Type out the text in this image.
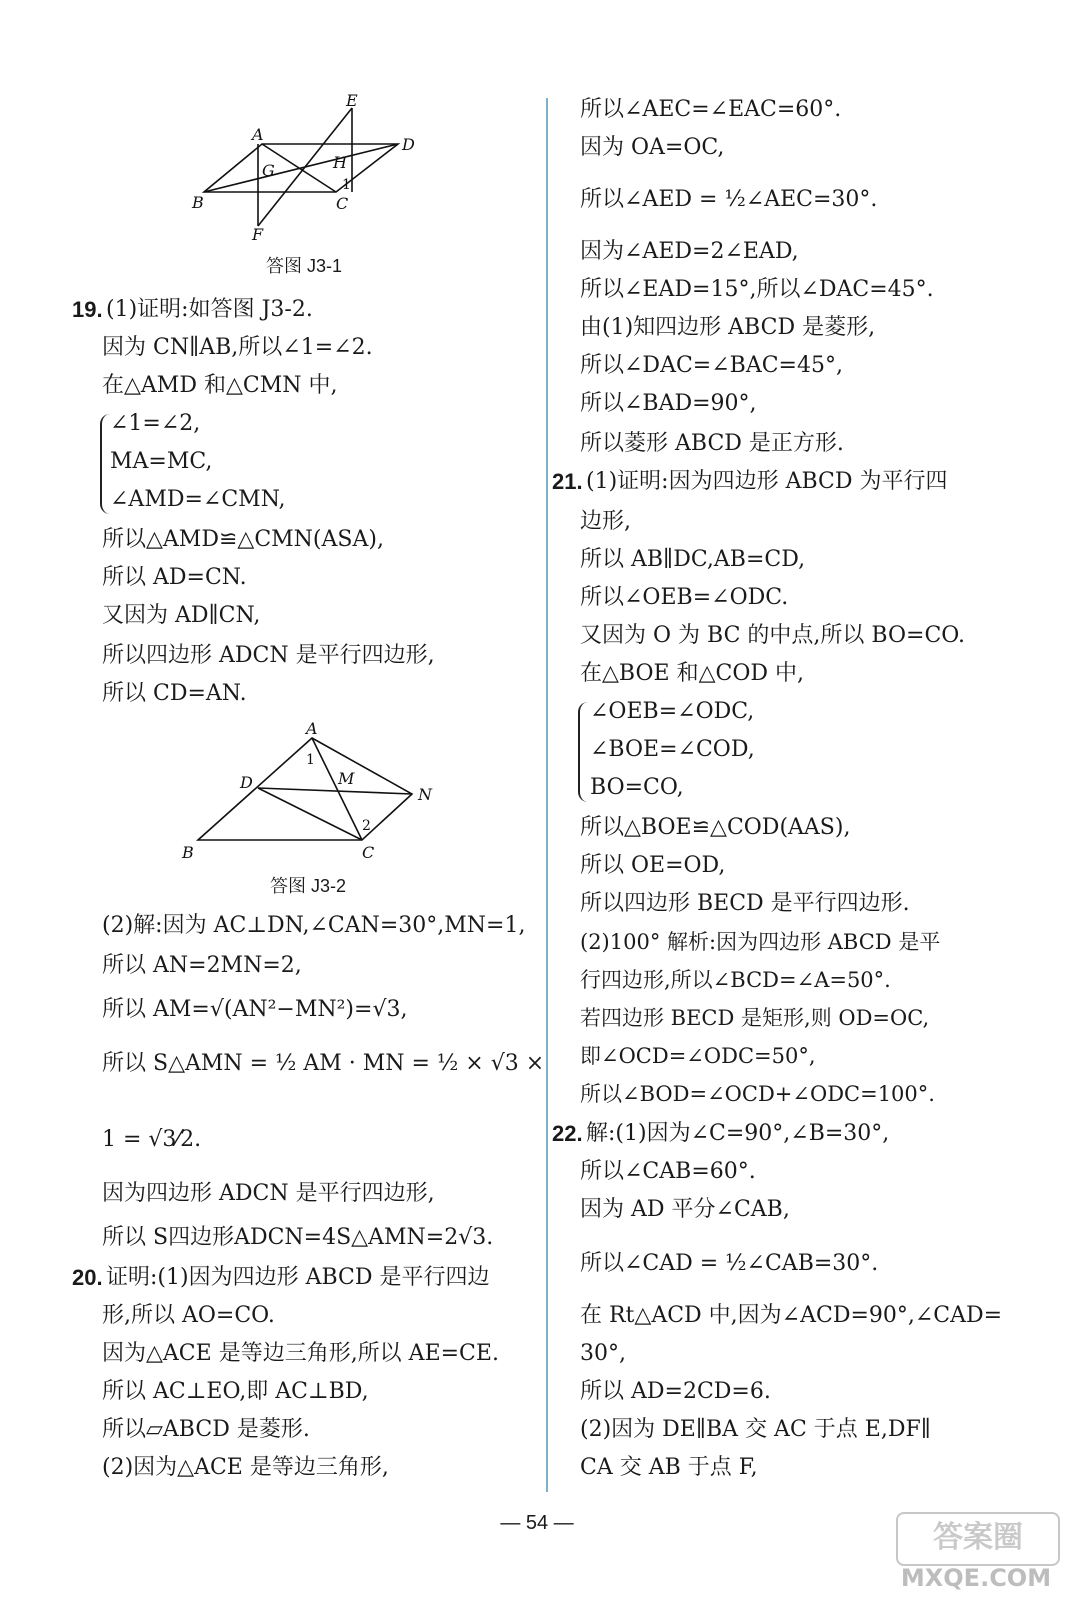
A
B	C
D
E
F
G	H
1
答图 J3-1
19. (1)证明:如答图 J3-2.
因为 CN∥AB,所以∠1=∠2.
在△AMD 和△CMN 中,
∠1=∠2,
MA=MC,
∠AMD=∠CMN,
所以△AMD≌△CMN(ASA),
所以 AD=CN.
又因为 AD∥CN,
所以四边形 ADCN 是平行四边形,
所以 CD=AN.
A
B	C
D	M
N
1
2
答图 J3-2
(2)解:因为 AC⊥DN,∠CAN=30°,MN=1,
所以 AN=2MN=2,
所以 AM=√(AN²−MN²)=√3,
所以 S△AMN = ½ AM · MN = ½ × √3 ×
1 = √3⁄2.
因为四边形 ADCN 是平行四边形,
所以 S四边形ADCN=4S△AMN=2√3.
20. 证明:(1)因为四边形 ABCD 是平行四边
形,所以 AO=CO.
因为△ACE 是等边三角形,所以 AE=CE.
所以 AC⊥EO,即 AC⊥BD,
所以▱ABCD 是菱形.
(2)因为△ACE 是等边三角形,
所以∠AEC=∠EAC=60°.
因为 OA=OC,
所以∠AED = ½∠AEC=30°.
因为∠AED=2∠EAD,
所以∠EAD=15°,所以∠DAC=45°.
由(1)知四边形 ABCD 是菱形,
所以∠DAC=∠BAC=45°,
所以∠BAD=90°,
所以菱形 ABCD 是正方形.
21. (1)证明:因为四边形 ABCD 为平行四
边形,
所以 AB∥DC,AB=CD,
所以∠OEB=∠ODC.
又因为 O 为 BC 的中点,所以 BO=CO.
在△BOE 和△COD 中,
∠OEB=∠ODC,
∠BOE=∠COD,
BO=CO,
所以△BOE≌△COD(AAS),
所以 OE=OD,
所以四边形 BECD 是平行四边形.
(2)100° 解析:因为四边形 ABCD 是平
行四边形,所以∠BCD=∠A=50°.
若四边形 BECD 是矩形,则 OD=OC,
即∠OCD=∠ODC=50°,
所以∠BOD=∠OCD+∠ODC=100°.
22. 解:(1)因为∠C=90°,∠B=30°,
所以∠CAB=60°.
因为 AD 平分∠CAB,
所以∠CAD = ½∠CAB=30°.
在 Rt△ACD 中,因为∠ACD=90°,∠CAD=
30°,
所以 AD=2CD=6.
(2)因为 DE∥BA 交 AC 于点 E,DF∥
CA 交 AB 于点 F,
— 54 —	答案圈
MXQE.COM
